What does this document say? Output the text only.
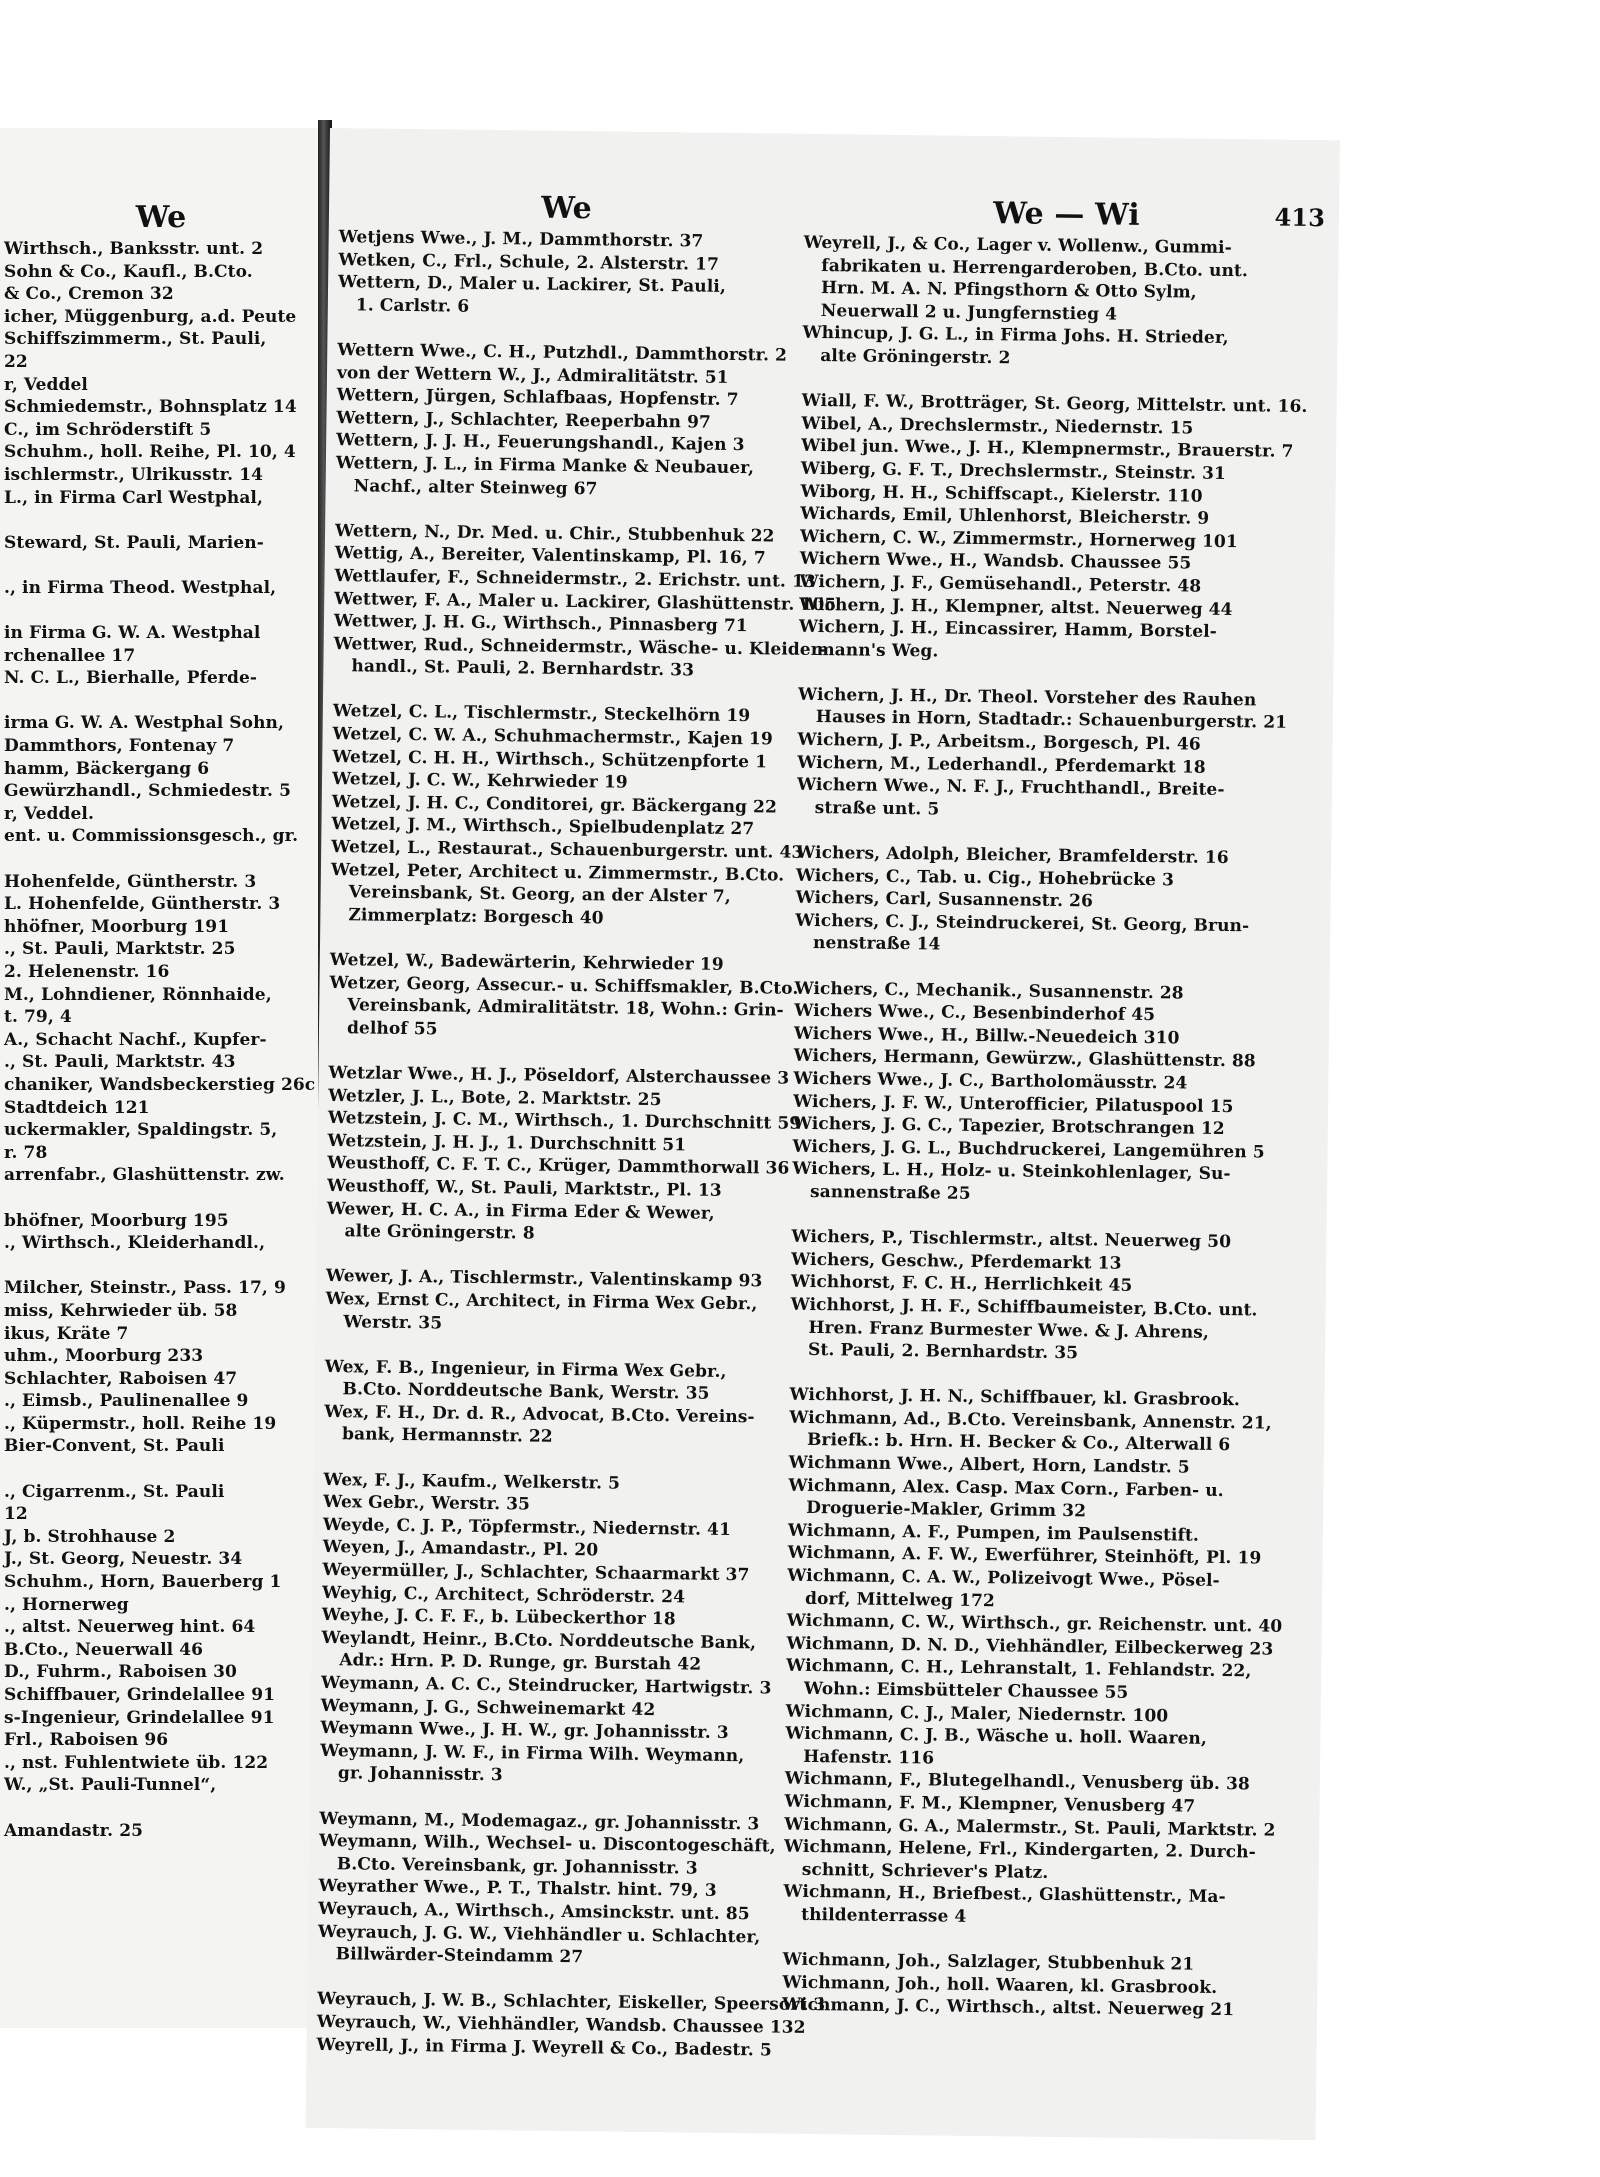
We
Wirthsch., Banksstr. unt. 2
Sohn & Co., Kaufl., B.Cto.
& Co., Cremon 32
icher, Müggenburg, a.d. Peute
Schiffszimmerm., St. Pauli,
22
r, Veddel
Schmiedemstr., Bohnsplatz 14
C., im Schröderstift 5
Schuhm., holl. Reihe, Pl. 10, 4
ischlermstr., Ulrikusstr. 14
L., in Firma Carl Westphal,

Steward, St. Pauli, Marien-

., in Firma Theod. Westphal,

in Firma G. W. A. Westphal
rchenallee 17
N. C. L., Bierhalle, Pferde-

irma G. W. A. Westphal Sohn,
Dammthors, Fontenay 7
hamm, Bäckergang 6
Gewürzhandl., Schmiedestr. 5
r, Veddel.
ent. u. Commissionsgesch., gr.

Hohenfelde, Güntherstr. 3
L. Hohenfelde, Güntherstr. 3
hhöfner, Moorburg 191
., St. Pauli, Marktstr. 25
2. Helenenstr. 16
M., Lohndiener, Rönnhaide,
t. 79, 4
A., Schacht Nachf., Kupfer-
., St. Pauli, Marktstr. 43
chaniker, Wandsbeckerstieg 26c
Stadtdeich 121
uckermakler, Spaldingstr. 5,
r. 78
arrenfabr., Glashüttenstr. zw.

bhöfner, Moorburg 195
., Wirthsch., Kleiderhandl.,

Milcher, Steinstr., Pass. 17, 9
miss, Kehrwieder üb. 58
ikus, Kräte 7
uhm., Moorburg 233
Schlachter, Raboisen 47
., Eimsb., Paulinenallee 9
., Küpermstr., holl. Reihe 19
Bier-Convent, St. Pauli

., Cigarrenm., St. Pauli
12
J, b. Strohhause 2
J., St. Georg, Neuestr. 34
Schuhm., Horn, Bauerberg 1
., Hornerweg
., altst. Neuerweg hint. 64
B.Cto., Neuerwall 46
D., Fuhrm., Raboisen 30
Schiffbauer, Grindelallee 91
s-Ingenieur, Grindelallee 91
Frl., Raboisen 96
., nst. Fuhlentwiete üb. 122
W., „St. Pauli-Tunnel“,

Amandastr. 25
We
Wetjens Wwe., J. M., Dammthorstr. 37
Wetken, C., Frl., Schule, 2. Alsterstr. 17
Wettern, D., Maler u. Lackirer, St. Pauli,
1. Carlstr. 6

Wettern Wwe., C. H., Putzhdl., Dammthorstr. 2
von der Wettern W., J., Admiralitätstr. 51
Wettern, Jürgen, Schlafbaas, Hopfenstr. 7
Wettern, J., Schlachter, Reeperbahn 97
Wettern, J. J. H., Feuerungshandl., Kajen 3
Wettern, J. L., in Firma Manke & Neubauer,
Nachf., alter Steinweg 67

Wettern, N., Dr. Med. u. Chir., Stubbenhuk 22
Wettig, A., Bereiter, Valentinskamp, Pl. 16, 7
Wettlaufer, F., Schneidermstr., 2. Erichstr. unt. 13
Wettwer, F. A., Maler u. Lackirer, Glashüttenstr. 105
Wettwer, J. H. G., Wirthsch., Pinnasberg 71
Wettwer, Rud., Schneidermstr., Wäsche- u. Kleider-
handl., St. Pauli, 2. Bernhardstr. 33

Wetzel, C. L., Tischlermstr., Steckelhörn 19
Wetzel, C. W. A., Schuhmachermstr., Kajen 19
Wetzel, C. H. H., Wirthsch., Schützenpforte 1
Wetzel, J. C. W., Kehrwieder 19
Wetzel, J. H. C., Conditorei, gr. Bäckergang 22
Wetzel, J. M., Wirthsch., Spielbudenplatz 27
Wetzel, L., Restaurat., Schauenburgerstr. unt. 43
Wetzel, Peter, Architect u. Zimmermstr., B.Cto.
Vereinsbank, St. Georg, an der Alster 7,
Zimmerplatz: Borgesch 40

Wetzel, W., Badewärterin, Kehrwieder 19
Wetzer, Georg, Assecur.- u. Schiffsmakler, B.Cto.
Vereinsbank, Admiralitätstr. 18, Wohn.: Grin-
delhof 55

Wetzlar Wwe., H. J., Pöseldorf, Alsterchaussee 3
Wetzler, J. L., Bote, 2. Marktstr. 25
Wetzstein, J. C. M., Wirthsch., 1. Durchschnitt 59
Wetzstein, J. H. J., 1. Durchschnitt 51
Weusthoff, C. F. T. C., Krüger, Dammthorwall 36
Weusthoff, W., St. Pauli, Marktstr., Pl. 13
Wewer, H. C. A., in Firma Eder & Wewer,
alte Gröningerstr. 8

Wewer, J. A., Tischlermstr., Valentinskamp 93
Wex, Ernst C., Architect, in Firma Wex Gebr.,
Werstr. 35

Wex, F. B., Ingenieur, in Firma Wex Gebr.,
B.Cto. Norddeutsche Bank, Werstr. 35
Wex, F. H., Dr. d. R., Advocat, B.Cto. Vereins-
bank, Hermannstr. 22

Wex, F. J., Kaufm., Welkerstr. 5
Wex Gebr., Werstr. 35
Weyde, C. J. P., Töpfermstr., Niedernstr. 41
Weyen, J., Amandastr., Pl. 20
Weyermüller, J., Schlachter, Schaarmarkt 37
Weyhig, C., Architect, Schröderstr. 24
Weyhe, J. C. F. F., b. Lübeckerthor 18
Weylandt, Heinr., B.Cto. Norddeutsche Bank,
Adr.: Hrn. P. D. Runge, gr. Burstah 42
Weymann, A. C. C., Steindrucker, Hartwigstr. 3
Weymann, J. G., Schweinemarkt 42
Weymann Wwe., J. H. W., gr. Johannisstr. 3
Weymann, J. W. F., in Firma Wilh. Weymann,
gr. Johannisstr. 3

Weymann, M., Modemagaz., gr. Johannisstr. 3
Weymann, Wilh., Wechsel- u. Discontogeschäft,
B.Cto. Vereinsbank, gr. Johannisstr. 3
Weyrather Wwe., P. T., Thalstr. hint. 79, 3
Weyrauch, A., Wirthsch., Amsinckstr. unt. 85
Weyrauch, J. G. W., Viehhändler u. Schlachter,
Billwärder-Steindamm 27

Weyrauch, J. W. B., Schlachter, Eiskeller, Speersort 3
Weyrauch, W., Viehhändler, Wandsb. Chaussee 132
Weyrell, J., in Firma J. Weyrell & Co., Badestr. 5
We — Wi	413
Weyrell, J., & Co., Lager v. Wollenw., Gummi-
fabrikaten u. Herrengarderoben, B.Cto. unt.
Hrn. M. A. N. Pfingsthorn & Otto Sylm,
Neuerwall 2 u. Jungfernstieg 4
Whincup, J. G. L., in Firma Johs. H. Strieder,
alte Gröningerstr. 2

Wiall, F. W., Brotträger, St. Georg, Mittelstr. unt. 16.
Wibel, A., Drechslermstr., Niedernstr. 15
Wibel jun. Wwe., J. H., Klempnermstr., Brauerstr. 7
Wiberg, G. F. T., Drechslermstr., Steinstr. 31
Wiborg, H. H., Schiffscapt., Kielerstr. 110
Wichards, Emil, Uhlenhorst, Bleicherstr. 9
Wichern, C. W., Zimmermstr., Hornerweg 101
Wichern Wwe., H., Wandsb. Chaussee 55
Wichern, J. F., Gemüsehandl., Peterstr. 48
Wichern, J. H., Klempner, altst. Neuerweg 44
Wichern, J. H., Eincassirer, Hamm, Borstel-
mann's Weg.

Wichern, J. H., Dr. Theol. Vorsteher des Rauhen
Hauses in Horn, Stadtadr.: Schauenburgerstr. 21
Wichern, J. P., Arbeitsm., Borgesch, Pl. 46
Wichern, M., Lederhandl., Pferdemarkt 18
Wichern Wwe., N. F. J., Fruchthandl., Breite-
straße unt. 5

Wichers, Adolph, Bleicher, Bramfelderstr. 16
Wichers, C., Tab. u. Cig., Hohebrücke 3
Wichers, Carl, Susannenstr. 26
Wichers, C. J., Steindruckerei, St. Georg, Brun-
nenstraße 14

Wichers, C., Mechanik., Susannenstr. 28
Wichers Wwe., C., Besenbinderhof 45
Wichers Wwe., H., Billw.-Neuedeich 310
Wichers, Hermann, Gewürzw., Glashüttenstr. 88
Wichers Wwe., J. C., Bartholomäusstr. 24
Wichers, J. F. W., Unterofficier, Pilatuspool 15
Wichers, J. G. C., Tapezier, Brotschrangen 12
Wichers, J. G. L., Buchdruckerei, Langemühren 5
Wichers, L. H., Holz- u. Steinkohlenlager, Su-
sannenstraße 25

Wichers, P., Tischlermstr., altst. Neuerweg 50
Wichers, Geschw., Pferdemarkt 13
Wichhorst, F. C. H., Herrlichkeit 45
Wichhorst, J. H. F., Schiffbaumeister, B.Cto. unt.
Hren. Franz Burmester Wwe. & J. Ahrens,
St. Pauli, 2. Bernhardstr. 35

Wichhorst, J. H. N., Schiffbauer, kl. Grasbrook.
Wichmann, Ad., B.Cto. Vereinsbank, Annenstr. 21,
Briefk.: b. Hrn. H. Becker & Co., Alterwall 6
Wichmann Wwe., Albert, Horn, Landstr. 5
Wichmann, Alex. Casp. Max Corn., Farben- u.
Droguerie-Makler, Grimm 32
Wichmann, A. F., Pumpen, im Paulsenstift.
Wichmann, A. F. W., Ewerführer, Steinhöft, Pl. 19
Wichmann, C. A. W., Polizeivogt Wwe., Pösel-
dorf, Mittelweg 172
Wichmann, C. W., Wirthsch., gr. Reichenstr. unt. 40
Wichmann, D. N. D., Viehhändler, Eilbeckerweg 23
Wichmann, C. H., Lehranstalt, 1. Fehlandstr. 22,
Wohn.: Eimsbütteler Chaussee 55
Wichmann, C. J., Maler, Niedernstr. 100
Wichmann, C. J. B., Wäsche u. holl. Waaren,
Hafenstr. 116
Wichmann, F., Blutegelhandl., Venusberg üb. 38
Wichmann, F. M., Klempner, Venusberg 47
Wichmann, G. A., Malermstr., St. Pauli, Marktstr. 2
Wichmann, Helene, Frl., Kindergarten, 2. Durch-
schnitt, Schriever's Platz.
Wichmann, H., Briefbest., Glashüttenstr., Ma-
thildenterrasse 4

Wichmann, Joh., Salzlager, Stubbenhuk 21
Wichmann, Joh., holl. Waaren, kl. Grasbrook.
Wichmann, J. C., Wirthsch., altst. Neuerweg 21
